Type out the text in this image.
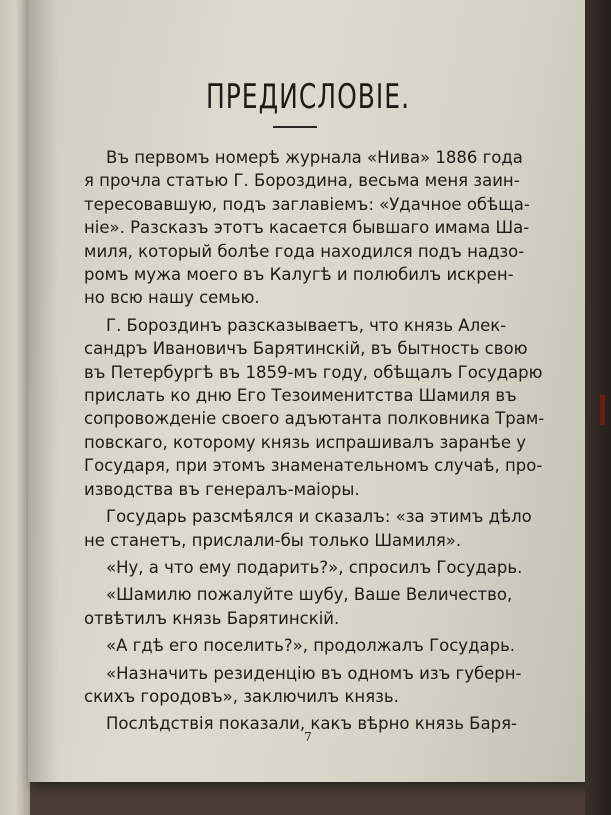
ПРЕДИСЛОВІЕ.
Въ первомъ номерѣ журнала «Нива» 1886 года
я прочла статью Г. Бороздина, весьма меня заин-
тересовавшую, подъ заглавіемъ: «Удачное обѣща-
ніе». Разсказъ этотъ касается бывшаго имама Ша-
миля, который болѣе года находился подъ надзо-
ромъ мужа моего въ Калугѣ и полюбилъ искрен-
но всю нашу семью.
Г. Бороздинъ разсказываетъ, что князь Алек-
сандръ Ивановичъ Барятинскій, въ бытность свою
въ Петербургѣ въ 1859-мъ году, обѣщалъ Государю
прислать ко дню Его Тезоименитства Шамиля въ
сопровожденіе своего адъютанта полковника Трам-
повскаго, которому князь испрашивалъ заранѣе у
Государя, при этомъ знаменательномъ случаѣ, про-
изводства въ генералъ-маіоры.
Государь разсмѣялся и сказалъ: «за этимъ дѣло
не станетъ, прислали-бы только Шамиля».
«Ну, а что ему подарить?», спросилъ Государь.
«Шамилю пожалуйте шубу, Ваше Величество,
отвѣтилъ князь Барятинскій.
«А гдѣ его поселить?», продолжалъ Государь.
«Назначить резиденцію въ одномъ изъ губерн-
скихъ городовъ», заключилъ князь.
Послѣдствія показали, какъ вѣрно князь Баря-
7
